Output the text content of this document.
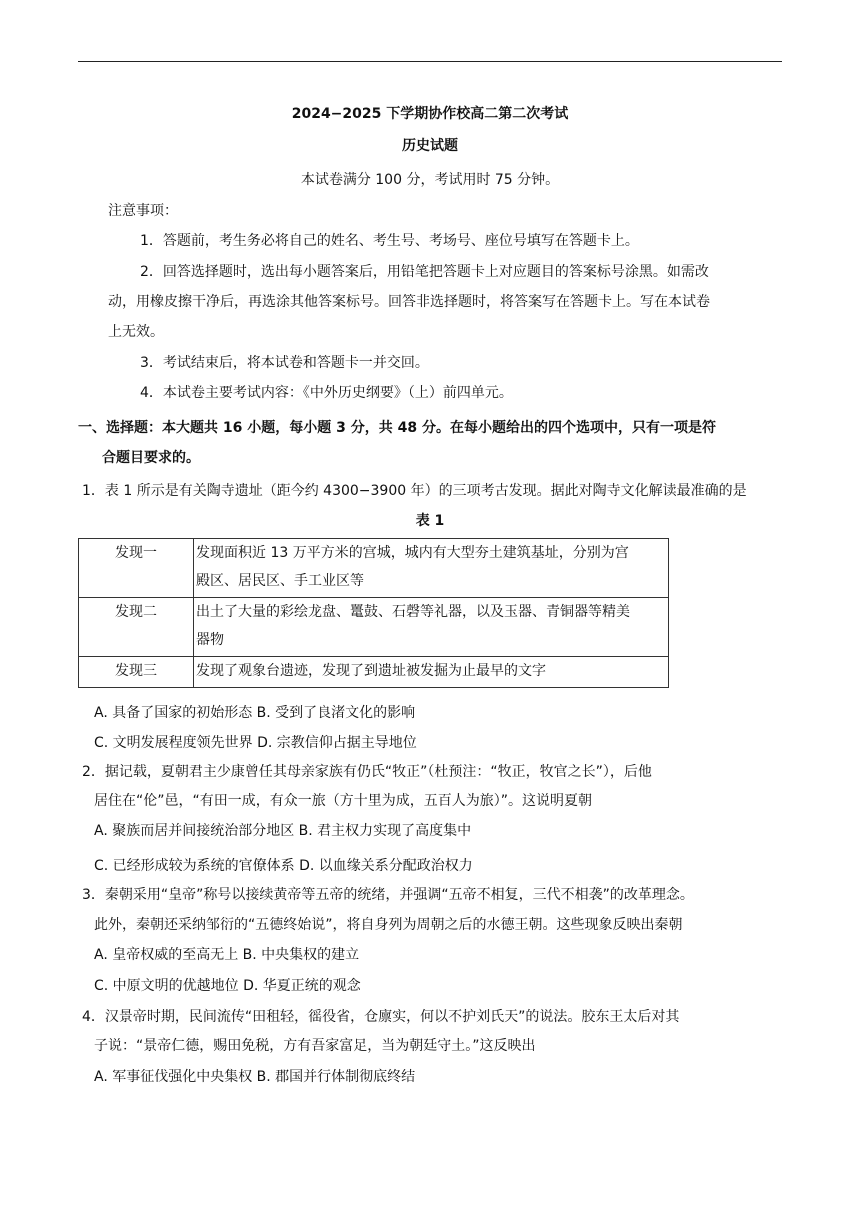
2024−2025 下学期协作校高二第二次考试
历史试题
本试卷满分 100 分，考试用时 75 分钟。
注意事项：
1．答题前，考生务必将自己的姓名、考生号、考场号、座位号填写在答题卡上。
2．回答选择题时，选出每小题答案后，用铅笔把答题卡上对应题目的答案标号涂黑。如需改
动，用橡皮擦干净后，再选涂其他答案标号。回答非选择题时，将答案写在答题卡上。写在本试卷
上无效。
3．考试结束后，将本试卷和答题卡一并交回。
4．本试卷主要考试内容：《中外历史纲要》（上）前四单元。
一、选择题：本大题共 16 小题，每小题 3 分，共 48 分。在每小题给出的四个选项中，只有一项是符
合题目要求的。
1．表 1 所示是有关陶寺遗址（距今约 4300−3900 年）的三项考古发现。据此对陶寺文化解读最准确的是
表 1
发现一	发现面积近 13 万平方米的宫城，城内有大型夯土建筑基址，分别为宫
殿区、居民区、手工业区等
发现二	出土了大量的彩绘龙盘、鼍鼓、石磬等礼器，以及玉器、青铜器等精美
器物
发现三	发现了观象台遗迹，发现了到遗址被发掘为止最早的文字
A. 具备了国家的初始形态 B. 受到了良渚文化的影响
C. 文明发展程度领先世界 D. 宗教信仰占据主导地位
2．据记载，夏朝君主少康曾任其母亲家族有仍氏“牧正”（杜预注：“牧正，牧官之长”），后他
居住在“伦”邑，“有田一成，有众一旅（方十里为成，五百人为旅）”。这说明夏朝
A. 聚族而居并间接统治部分地区 B. 君主权力实现了高度集中
C. 已经形成较为系统的官僚体系 D. 以血缘关系分配政治权力
3．秦朝采用“皇帝”称号以接续黄帝等五帝的统绪，并强调“五帝不相复，三代不相袭”的改革理念。
此外，秦朝还采纳邹衍的“五德终始说”，将自身列为周朝之后的水德王朝。这些现象反映出秦朝
A. 皇帝权威的至高无上 B. 中央集权的建立
C. 中原文明的优越地位 D. 华夏正统的观念
4．汉景帝时期，民间流传“田租轻，徭役省，仓廪实，何以不护刘氏天”的说法。胶东王太后对其
子说：“景帝仁德，赐田免税，方有吾家富足，当为朝廷守土。”这反映出
A. 军事征伐强化中央集权 B. 郡国并行体制彻底终结
